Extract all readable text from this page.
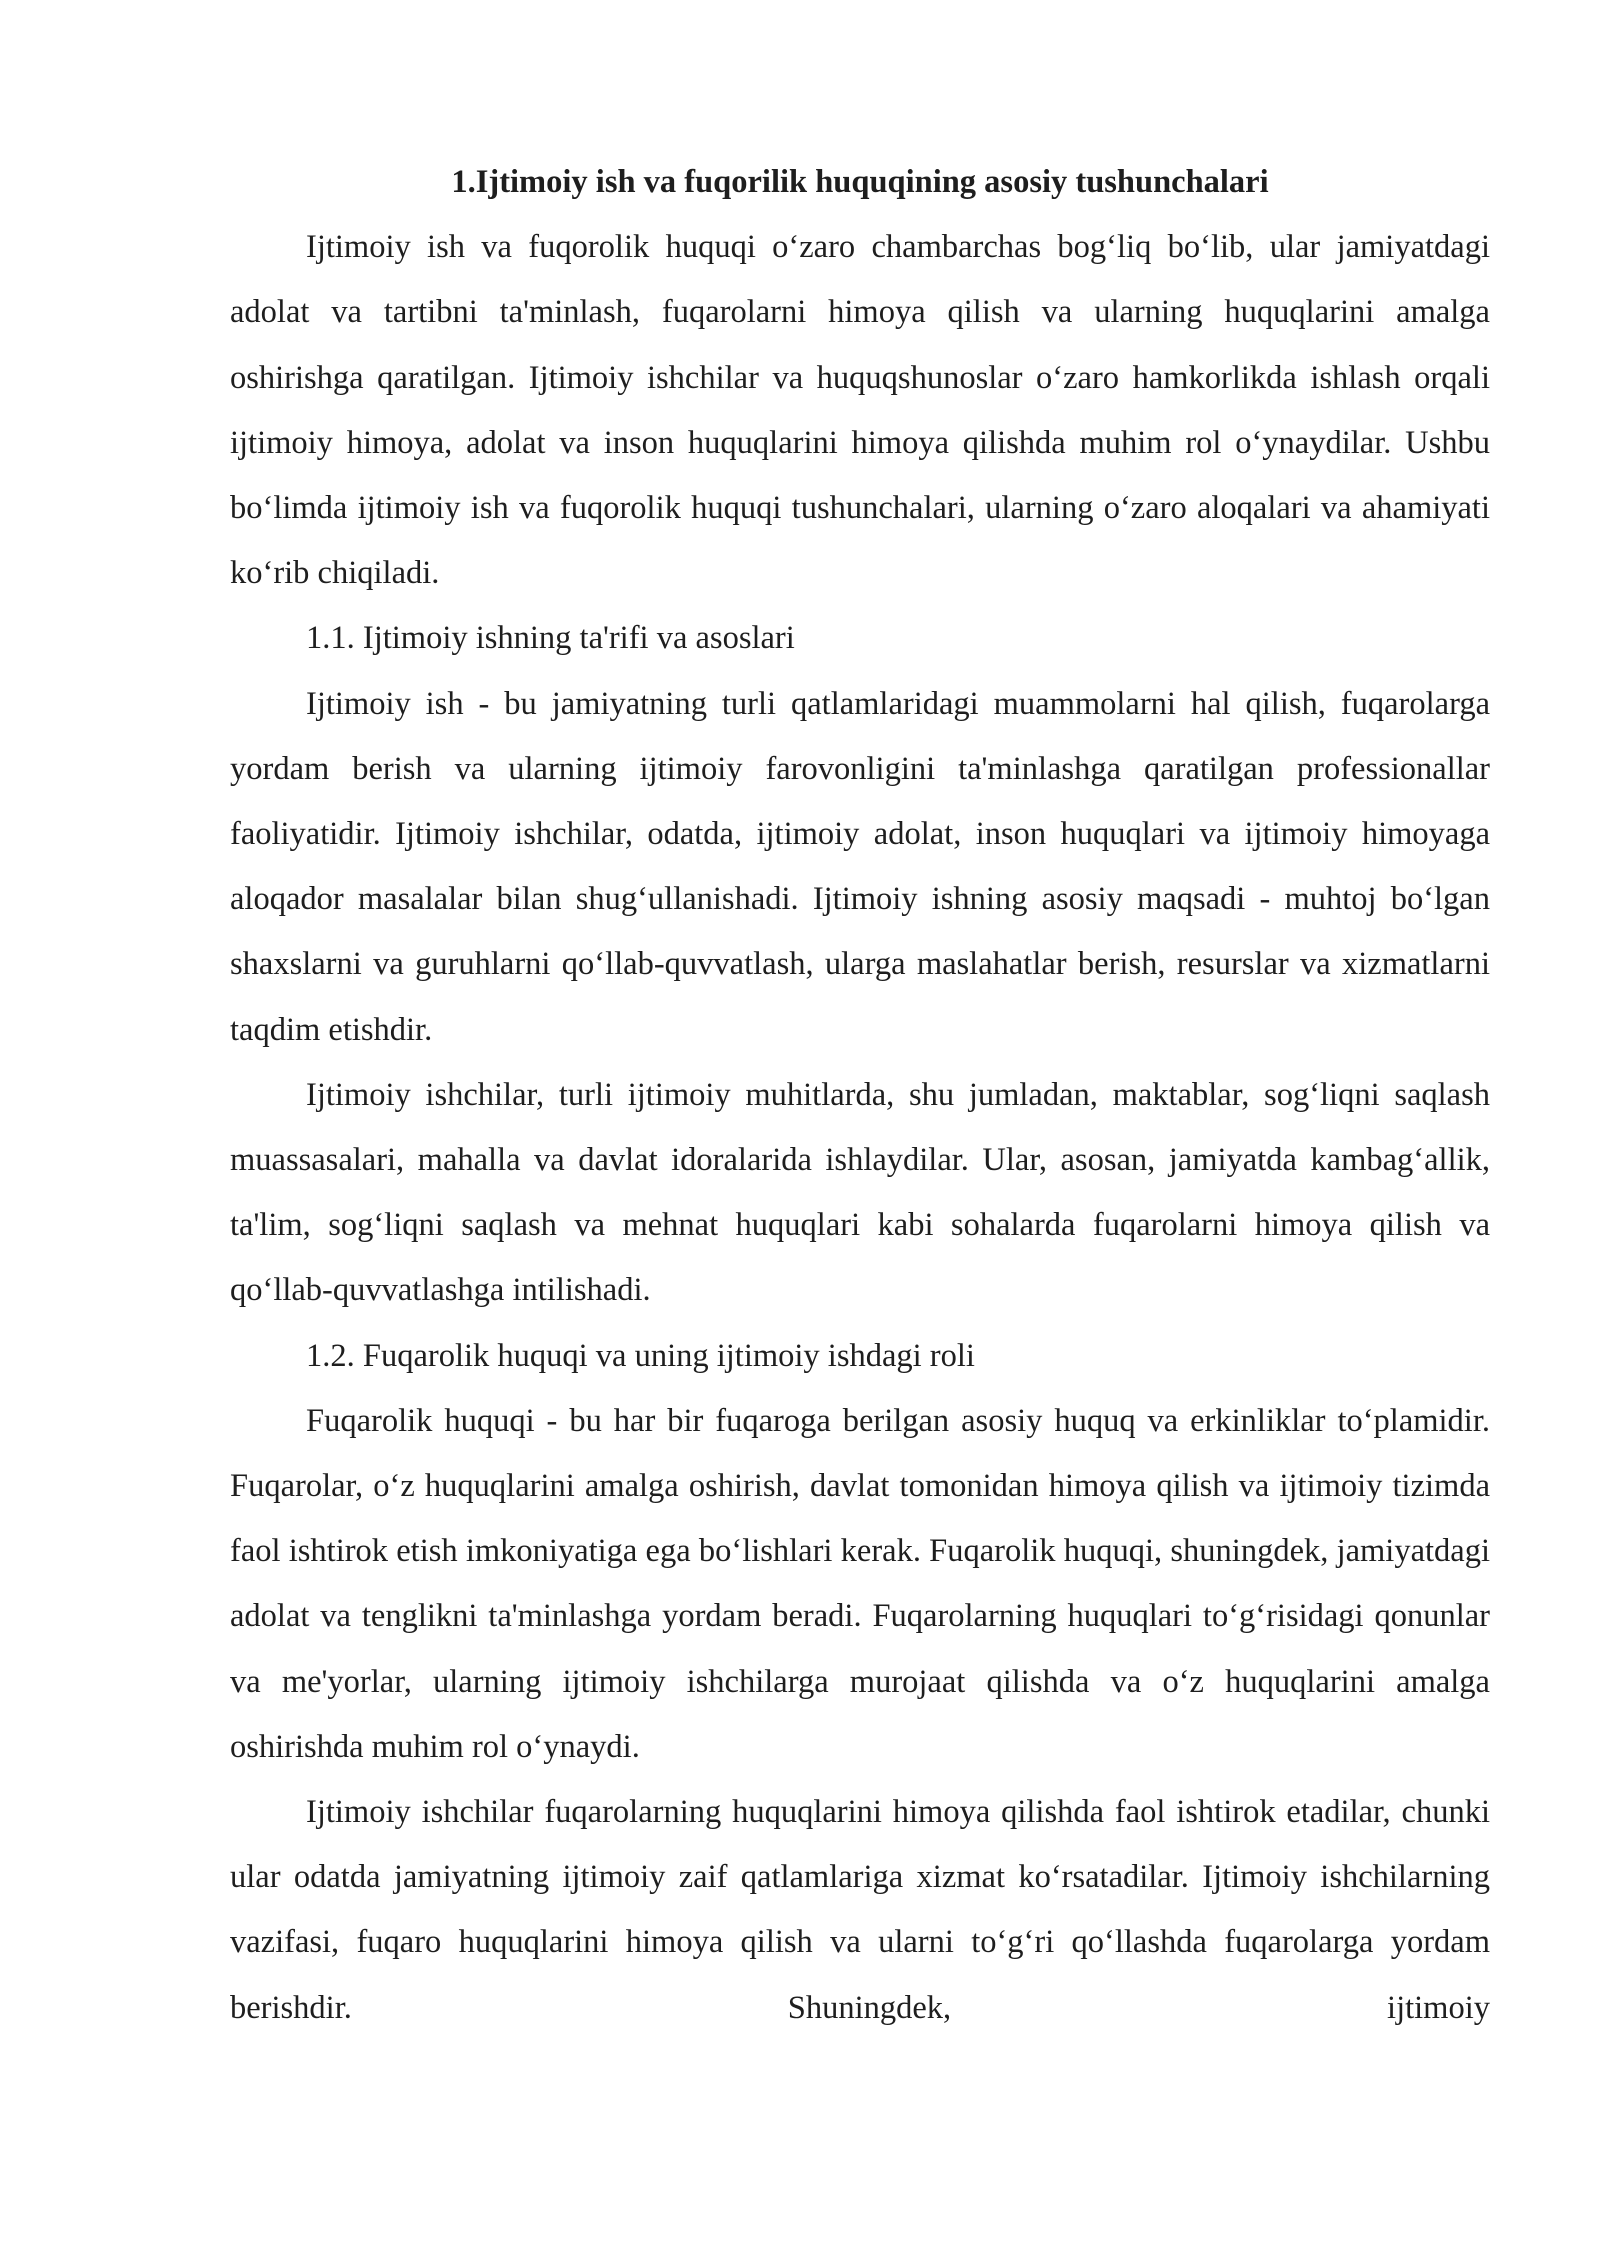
1.Ijtimoiy ish va fuqorilik huquqining asosiy tushunchalari

Ijtimoiy ish va fuqorolik huquqi o‘zaro chambarchas bog‘liq bo‘lib, ular jamiyatdagi adolat va tartibni ta'minlash, fuqarolarni himoya qilish va ularning huquqlarini amalga oshirishga qaratilgan. Ijtimoiy ishchilar va huquqshunoslar o‘zaro hamkorlikda ishlash orqali ijtimoiy himoya, adolat va inson huquqlarini himoya qilishda muhim rol o‘ynaydilar. Ushbu bo‘limda ijtimoiy ish va fuqorolik huquqi tushunchalari, ularning o‘zaro aloqalari va ahamiyati ko‘rib chiqiladi.

1.1. Ijtimoiy ishning ta'rifi va asoslari

Ijtimoiy ish - bu jamiyatning turli qatlamlaridagi muammolarni hal qilish, fuqarolarga yordam berish va ularning ijtimoiy farovonligini ta'minlashga qaratilgan professionallar faoliyatidir. Ijtimoiy ishchilar, odatda, ijtimoiy adolat, inson huquqlari va ijtimoiy himoyaga aloqador masalalar bilan shug‘ullanishadi. Ijtimoiy ishning asosiy maqsadi - muhtoj bo‘lgan shaxslarni va guruhlarni qo‘llab-quvvatlash, ularga maslahatlar berish, resurslar va xizmatlarni taqdim etishdir.

Ijtimoiy ishchilar, turli ijtimoiy muhitlarda, shu jumladan, maktablar, sog‘liqni saqlash muassasalari, mahalla va davlat idoralarida ishlaydilar. Ular, asosan, jamiyatda kambag‘allik, ta'lim, sog‘liqni saqlash va mehnat huquqlari kabi sohalarda fuqarolarni himoya qilish va qo‘llab-quvvatlashga intilishadi.

1.2. Fuqarolik huquqi va uning ijtimoiy ishdagi roli

Fuqarolik huquqi - bu har bir fuqaroga berilgan asosiy huquq va erkinliklar to‘plamidir. Fuqarolar, o‘z huquqlarini amalga oshirish, davlat tomonidan himoya qilish va ijtimoiy tizimda faol ishtirok etish imkoniyatiga ega bo‘lishlari kerak. Fuqarolik huquqi, shuningdek, jamiyatdagi adolat va tenglikni ta'minlashga yordam beradi. Fuqarolarning huquqlari to‘g‘risidagi qonunlar va me'yorlar, ularning ijtimoiy ishchilarga murojaat qilishda va o‘z huquqlarini amalga oshirishda muhim rol o‘ynaydi.

Ijtimoiy ishchilar fuqarolarning huquqlarini himoya qilishda faol ishtirok etadilar, chunki ular odatda jamiyatning ijtimoiy zaif qatlamlariga xizmat ko‘rsatadilar. Ijtimoiy ishchilarning vazifasi, fuqaro huquqlarini himoya qilish va ularni to‘g‘ri qo‘llashda fuqarolarga yordam berishdir. Shuningdek, ijtimoiy
